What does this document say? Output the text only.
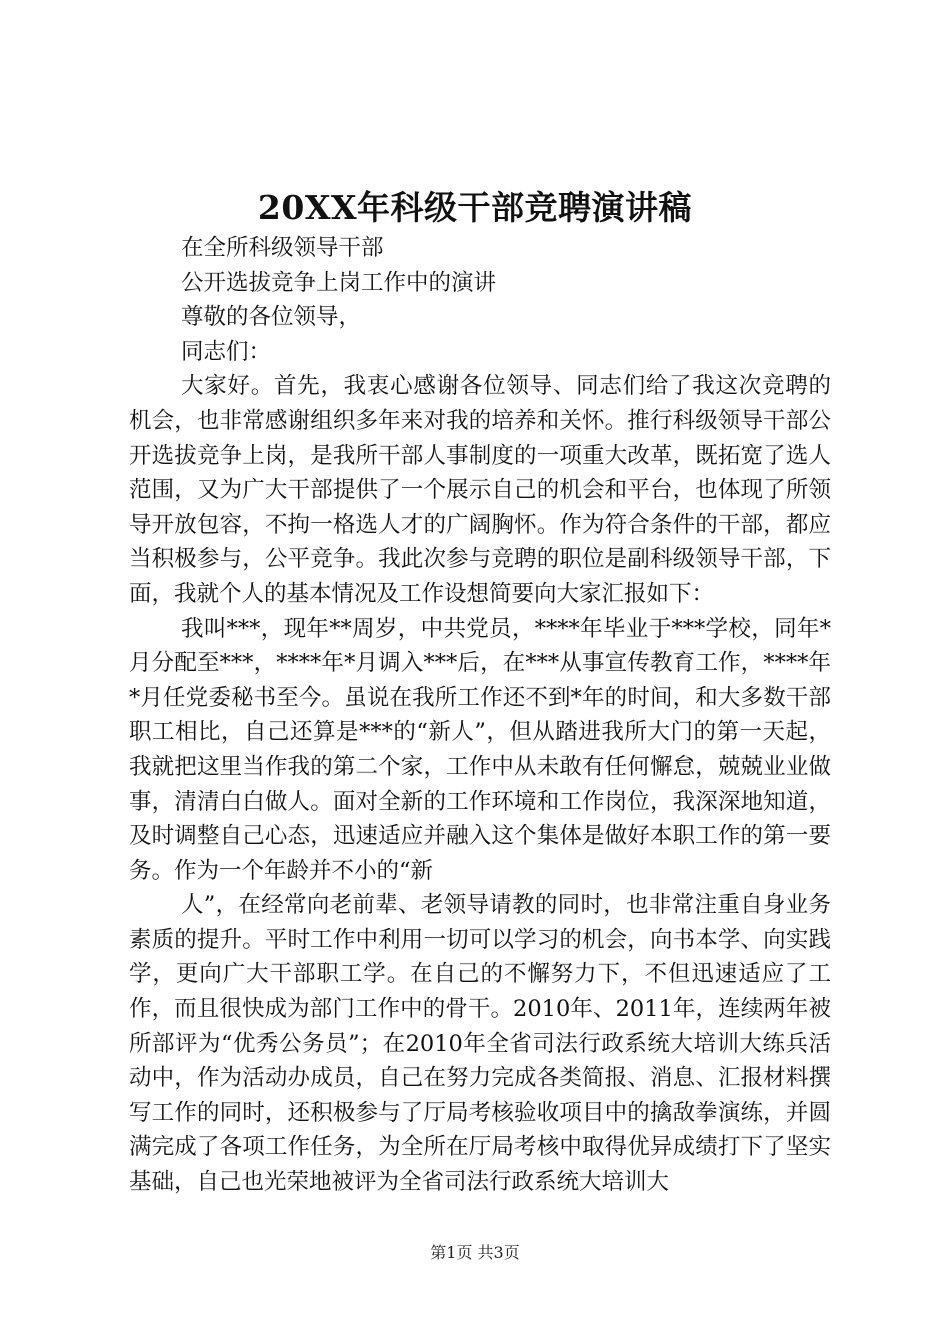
20XX年科级干部竞聘演讲稿

在全所科级领导干部

公开选拔竞争上岗工作中的演讲

尊敬的各位领导，

同志们：

大家好。首先，我衷心感谢各位领导、同志们给了我这次竞聘的机会，也非常感谢组织多年来对我的培养和关怀。推行科级领导干部公开选拔竞争上岗，是我所干部人事制度的一项重大改革，既拓宽了选人范围，又为广大干部提供了一个展示自己的机会和平台，也体现了所领导开放包容，不拘一格选人才的广阔胸怀。作为符合条件的干部，都应当积极参与，公平竞争。我此次参与竞聘的职位是副科级领导干部，下面，我就个人的基本情况及工作设想简要向大家汇报如下：

我叫***，现年**周岁，中共党员，****年毕业于***学校，同年*月分配至***，****年*月调入***后，在***从事宣传教育工作，****年*月任党委秘书至今。虽说在我所工作还不到*年的时间，和大多数干部职工相比，自己还算是***的“新人”，但从踏进我所大门的第一天起，我就把这里当作我的第二个家，工作中从未敢有任何懈怠，兢兢业业做事，清清白白做人。面对全新的工作环境和工作岗位，我深深地知道，及时调整自己心态，迅速适应并融入这个集体是做好本职工作的第一要务。作为一个年龄并不小的“新

人”，在经常向老前辈、老领导请教的同时，也非常注重自身业务素质的提升。平时工作中利用一切可以学习的机会，向书本学、向实践学，更向广大干部职工学。在自己的不懈努力下，不但迅速适应了工作，而且很快成为部门工作中的骨干。2010年、2011年，连续两年被所部评为“优秀公务员”；在2010年全省司法行政系统大培训大练兵活动中，作为活动办成员，自己在努力完成各类简报、消息、汇报材料撰写工作的同时，还积极参与了厅局考核验收项目中的擒敌拳演练，并圆满完成了各项工作任务，为全所在厅局考核中取得优异成绩打下了坚实基础，自己也光荣地被评为全省司法行政系统大培训大

第1页 共3页
